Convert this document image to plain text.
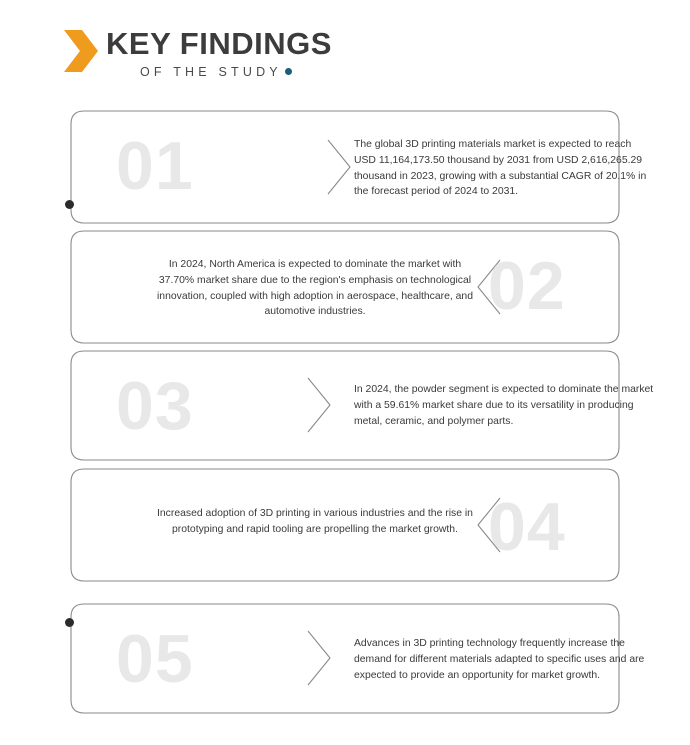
KEY FINDINGS
OF THE STUDY
01	The global 3D printing materials market is expected to reach USD 11,164,173.50 thousand by 2031 from USD 2,616,265.29 thousand in 2023, growing with a substantial CAGR of 20.1% in the forecast period of 2024 to 2031.
02
In 2024, North America is expected to dominate the market with 37.70% market share due to the region's emphasis on technological innovation, coupled with high adoption in aerospace, healthcare, and automotive industries.
03	In 2024, the powder segment is expected to dominate the market with a 59.61% market share due to its versatility in producing metal, ceramic, and polymer parts.
04
Increased adoption of 3D printing in various industries and the rise in prototyping and rapid tooling are propelling the market growth.
05	Advances in 3D printing technology frequently increase the demand for different materials adapted to specific uses and are expected to provide an opportunity for market growth.
